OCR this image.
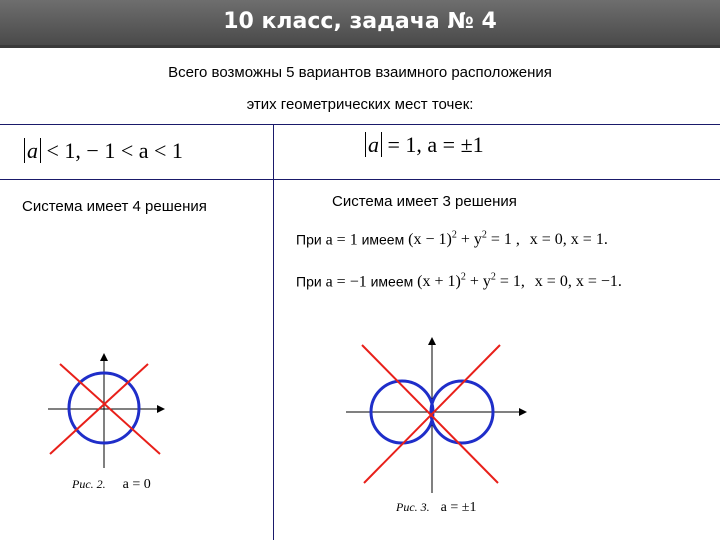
10 класс, задача № 4
Всего возможны 5 вариантов взаимного расположения
этих геометрических мест точек:
a < 1, − 1 < a < 1	a = 1, a = ±1
Система имеет 4 решения	Система имеет 3 решения
При a = 1 имеем $(x - 1)^2 + y^2 = 1$ , x = 0, x = 1.
При a = −1 имеем $(x + 1)^2 + y^2 = 1$, x = 0, x = −1.
Рис. 2. a = 0
Рис. 3. a = ±1
